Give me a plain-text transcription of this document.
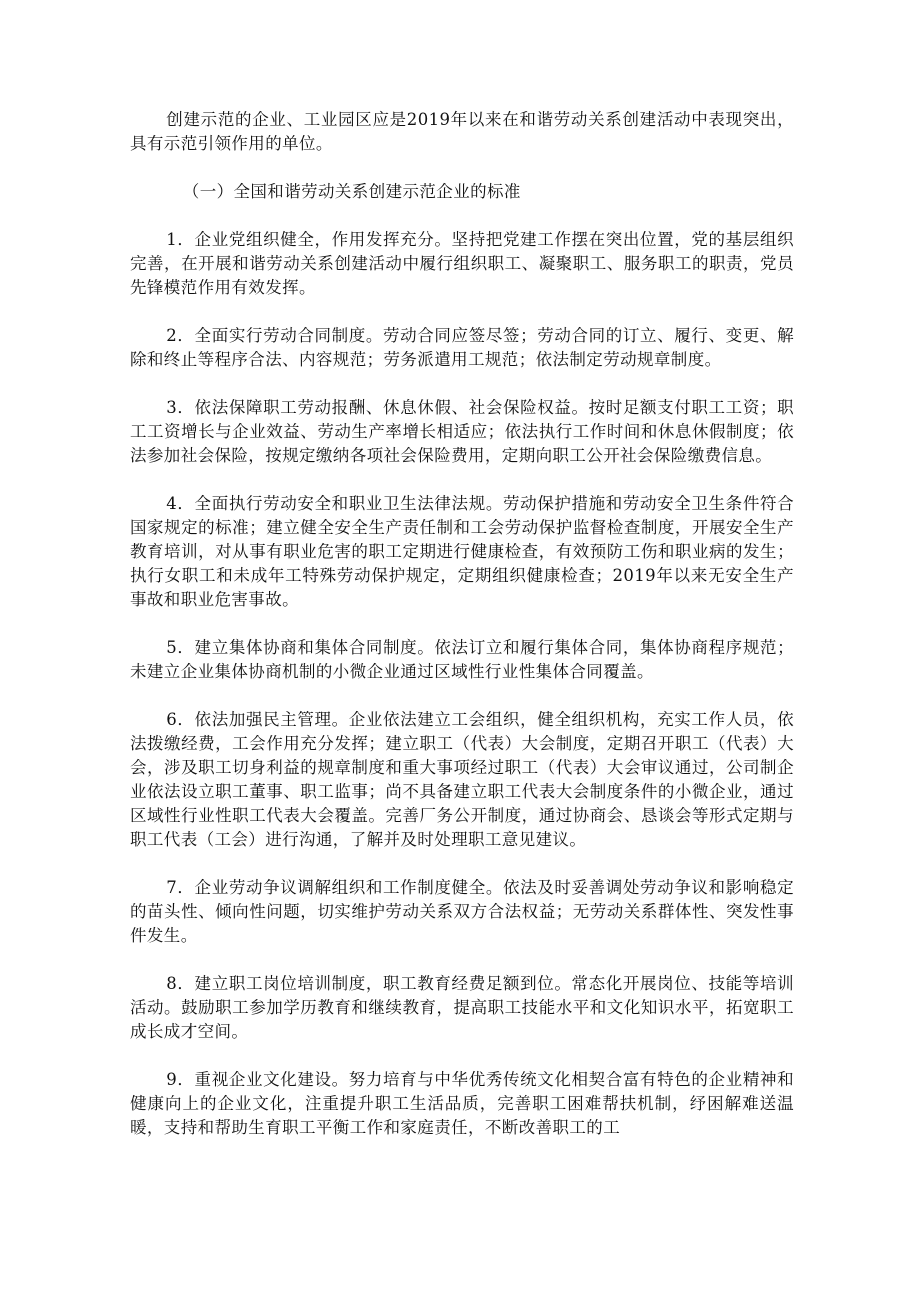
创建示范的企业、工业园区应是2019年以来在和谐劳动关系创建活动中表现突出，具有示范引领作用的单位。

（一）全国和谐劳动关系创建示范企业的标准

1．企业党组织健全，作用发挥充分。坚持把党建工作摆在突出位置，党的基层组织完善，在开展和谐劳动关系创建活动中履行组织职工、凝聚职工、服务职工的职责，党员先锋模范作用有效发挥。

2．全面实行劳动合同制度。劳动合同应签尽签；劳动合同的订立、履行、变更、解除和终止等程序合法、内容规范；劳务派遣用工规范；依法制定劳动规章制度。

3．依法保障职工劳动报酬、休息休假、社会保险权益。按时足额支付职工工资；职工工资增长与企业效益、劳动生产率增长相适应；依法执行工作时间和休息休假制度；依法参加社会保险，按规定缴纳各项社会保险费用，定期向职工公开社会保险缴费信息。

4．全面执行劳动安全和职业卫生法律法规。劳动保护措施和劳动安全卫生条件符合国家规定的标准；建立健全安全生产责任制和工会劳动保护监督检查制度，开展安全生产教育培训，对从事有职业危害的职工定期进行健康检查，有效预防工伤和职业病的发生；执行女职工和未成年工特殊劳动保护规定，定期组织健康检查；2019年以来无安全生产事故和职业危害事故。

5．建立集体协商和集体合同制度。依法订立和履行集体合同，集体协商程序规范；未建立企业集体协商机制的小微企业通过区域性行业性集体合同覆盖。

6．依法加强民主管理。企业依法建立工会组织，健全组织机构，充实工作人员，依法拨缴经费，工会作用充分发挥；建立职工（代表）大会制度，定期召开职工（代表）大会，涉及职工切身利益的规章制度和重大事项经过职工（代表）大会审议通过，公司制企业依法设立职工董事、职工监事；尚不具备建立职工代表大会制度条件的小微企业，通过区域性行业性职工代表大会覆盖。完善厂务公开制度，通过协商会、恳谈会等形式定期与职工代表（工会）进行沟通，了解并及时处理职工意见建议。

7．企业劳动争议调解组织和工作制度健全。依法及时妥善调处劳动争议和影响稳定的苗头性、倾向性问题，切实维护劳动关系双方合法权益；无劳动关系群体性、突发性事件发生。

8．建立职工岗位培训制度，职工教育经费足额到位。常态化开展岗位、技能等培训活动。鼓励职工参加学历教育和继续教育，提高职工技能水平和文化知识水平，拓宽职工成长成才空间。

9．重视企业文化建设。努力培育与中华优秀传统文化相契合富有特色的企业精神和健康向上的企业文化，注重提升职工生活品质，完善职工困难帮扶机制，纾困解难送温暖，支持和帮助生育职工平衡工作和家庭责任，不断改善职工的工
